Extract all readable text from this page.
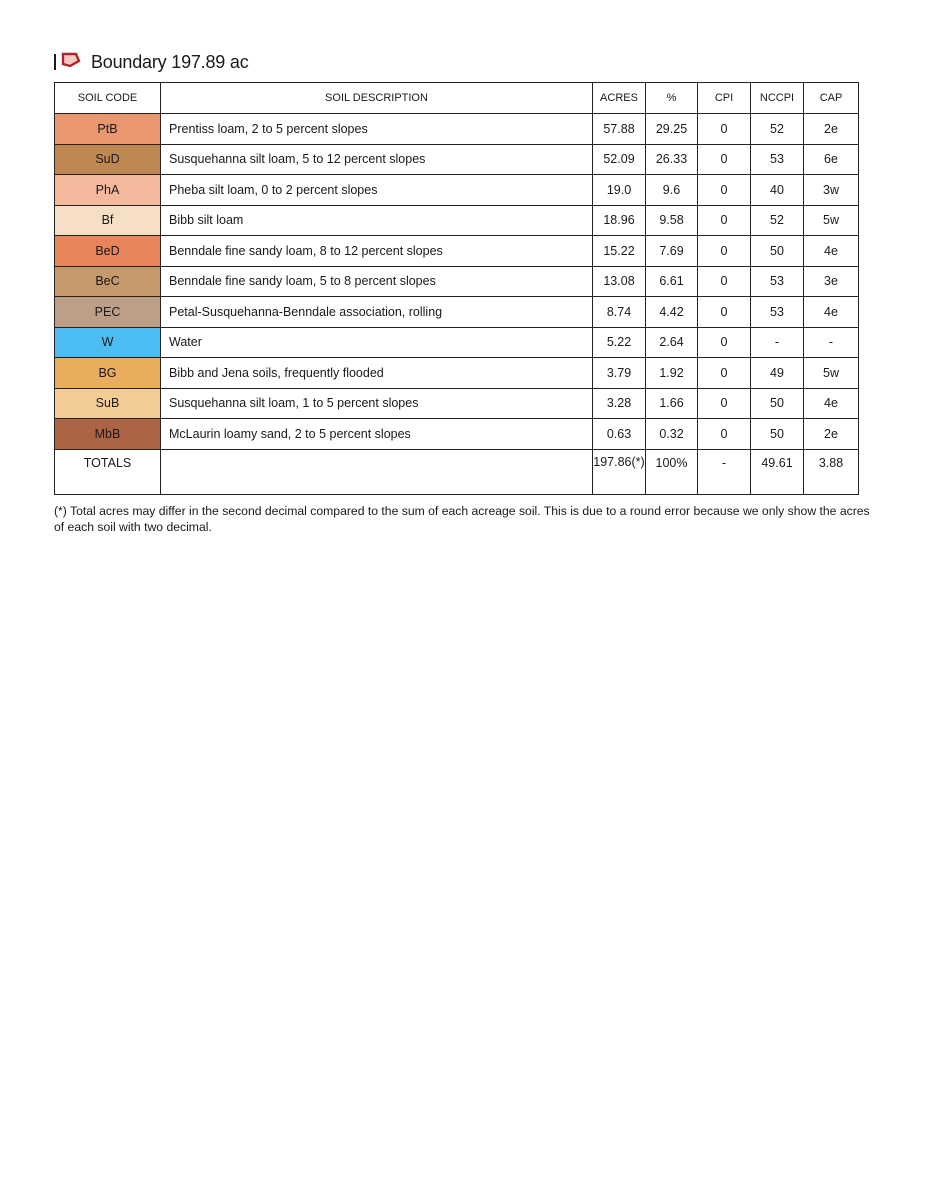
Boundary 197.89 ac
SOIL CODE	SOIL DESCRIPTION	ACRES	%	CPI	NCCPI	CAP
PtB	Prentiss loam, 2 to 5 percent slopes	57.88	29.25	0	52	2e
SuD	Susquehanna silt loam, 5 to 12 percent slopes	52.09	26.33	0	53	6e
PhA	Pheba silt loam, 0 to 2 percent slopes	19.0	9.6	0	40	3w
Bf	Bibb silt loam	18.96	9.58	0	52	5w
BeD	Benndale fine sandy loam, 8 to 12 percent slopes	15.22	7.69	0	50	4e
BeC	Benndale fine sandy loam, 5 to 8 percent slopes	13.08	6.61	0	53	3e
PEC	Petal-Susquehanna-Benndale association, rolling	8.74	4.42	0	53	4e
W	Water	5.22	2.64	0	-	-
BG	Bibb and Jena soils, frequently flooded	3.79	1.92	0	49	5w
SuB	Susquehanna silt loam, 1 to 5 percent slopes	3.28	1.66	0	50	4e
MbB	McLaurin loamy sand, 2 to 5 percent slopes	0.63	0.32	0	50	2e
TOTALS		197.86(*)	100%	-	49.61	3.88
(*) Total acres may differ in the second decimal compared to the sum of each acreage soil. This is due to a round error because we only show the acres of each soil with two decimal.
